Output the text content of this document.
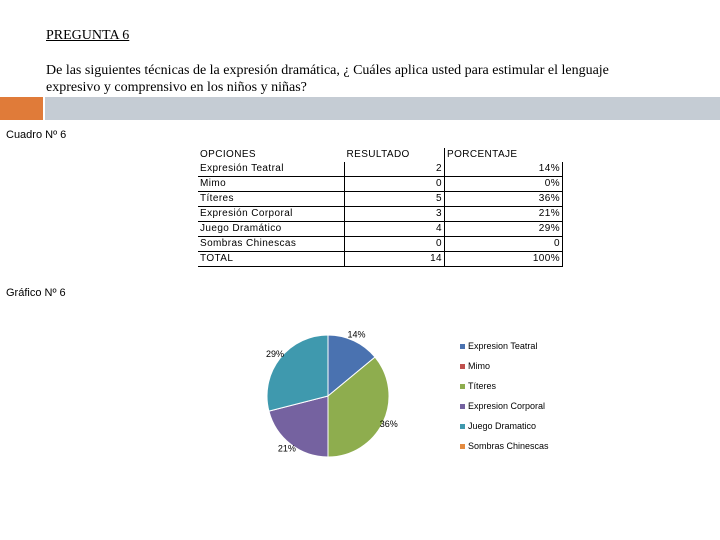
PREGUNTA 6
De las siguientes técnicas de la expresión dramática, ¿ Cuáles aplica usted para estimular el lenguaje expresivo y comprensivo en los niños y niñas?
Cuadro Nº 6
OPCIONES	RESULTADO	PORCENTAJE
Expresión Teatral	2	14%
Mimo	0	0%
Títeres	5	36%
Expresión Corporal	3	21%
Juego Dramático	4	29%
Sombras Chinescas	0	0
TOTAL	14	100%
Gráfico Nº 6
14%
36%
21%
29%
Expresion Teatral
Mimo
Títeres
Expresion Corporal
Juego Dramatico
Sombras Chinescas
